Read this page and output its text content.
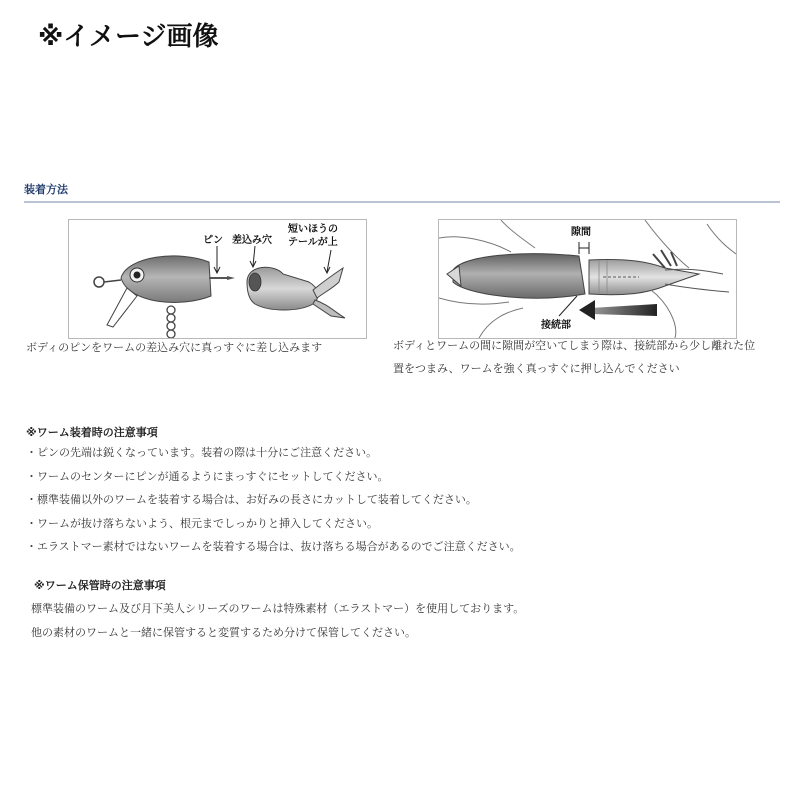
※イメージ画像
装着方法
ピン 差込み穴
短いほうの
テールが上
隙間
接続部
ボディのピンをワームの差込み穴に真っすぐに差し込みます	ボディとワームの間に隙間が空いてしまう際は、接続部から少し離れた位
置をつまみ、ワームを強く真っすぐに押し込んでください
※ワーム装着時の注意事項
・ピンの先端は鋭くなっています。装着の際は十分にご注意ください。
・ワームのセンターにピンが通るようにまっすぐにセットしてください。
・標準装備以外のワームを装着する場合は、お好みの長さにカットして装着してください。
・ワームが抜け落ちないよう、根元までしっかりと挿入してください。
・エラストマー素材ではないワームを装着する場合は、抜け落ちる場合があるのでご注意ください。
※ワーム保管時の注意事項
標準装備のワーム及び月下美人シリーズのワームは特殊素材（エラストマー）を使用しております。
他の素材のワームと一緒に保管すると変質するため分けて保管してください。
